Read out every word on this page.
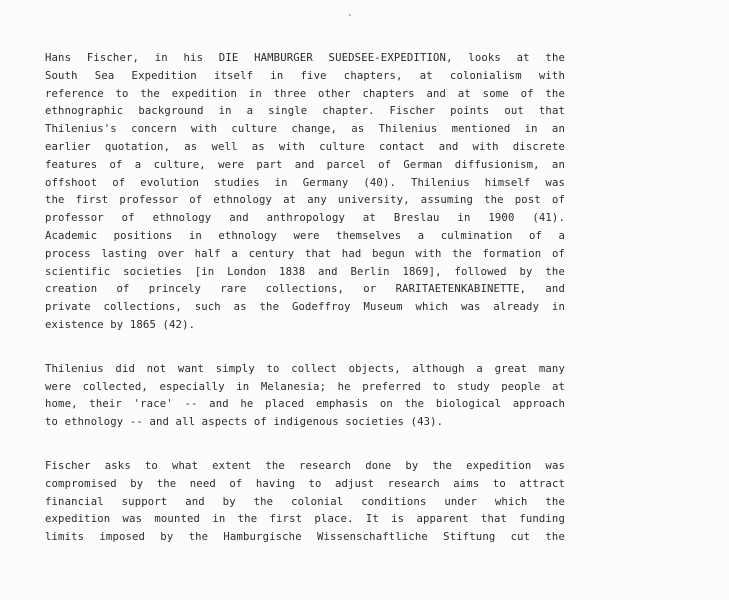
Hans Fischer, in his DIE HAMBURGER SUEDSEE-EXPEDITION, looks at the
South Sea Expedition itself in five chapters, at colonialism with
reference to the expedition in three other chapters and at some of the
ethnographic background in a single chapter. Fischer points out that
Thilenius's concern with culture change, as Thilenius mentioned in an
earlier quotation, as well as with culture contact and with discrete
features of a culture, were part and parcel of German diffusionism, an
offshoot of evolution studies in Germany (40). Thilenius himself was
the first professor of ethnology at any university, assuming the post of
professor of ethnology and anthropology at Breslau in 1900 (41).
Academic positions in ethnology were themselves a culmination of a
process lasting over half a century that had begun with the formation of
scientific societies [in London 1838 and Berlin 1869], followed by the
creation of princely rare collections, or RARITAETENKABINETTE, and
private collections, such as the Godeffroy Museum which was already in
existence by 1865 (42).
Thilenius did not want simply to collect objects, although a great many
were collected, especially in Melanesia; he preferred to study people at
home, their 'race' -- and he placed emphasis on the biological approach
to ethnology -- and all aspects of indigenous societies (43).
Fischer asks to what extent the research done by the expedition was
compromised by the need of having to adjust research aims to attract
financial support and by the colonial conditions under which the
expedition was mounted in the first place. It is apparent that funding
limits imposed by the Hamburgische Wissenschaftliche Stiftung cut the
